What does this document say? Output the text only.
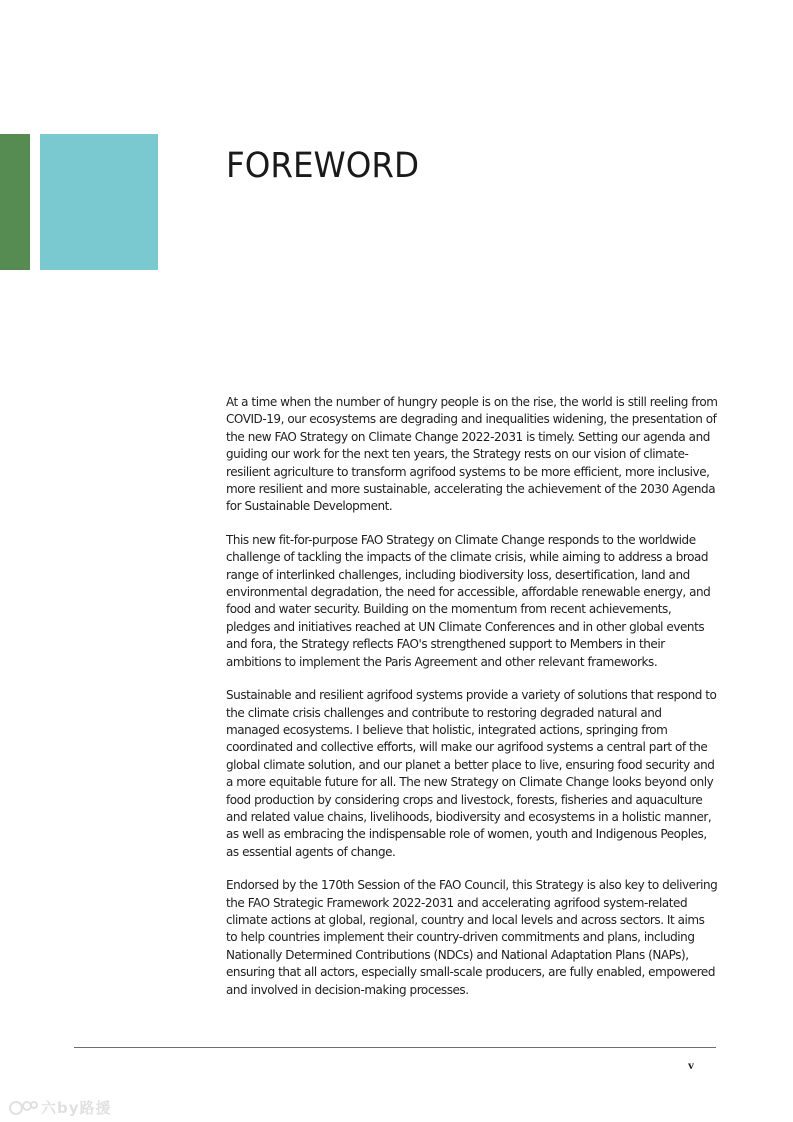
FOREWORD

At a time when the number of hungry people is on the rise, the world is still reeling from COVID-19, our ecosystems are degrading and inequalities widening, the presentation of the new FAO Strategy on Climate Change 2022-2031 is timely. Setting our agenda and guiding our work for the next ten years, the Strategy rests on our vision of climate-resilient agriculture to transform agrifood systems to be more efficient, more inclusive, more resilient and more sustainable, accelerating the achievement of the 2030 Agenda for Sustainable Development.

This new fit-for-purpose FAO Strategy on Climate Change responds to the worldwide challenge of tackling the impacts of the climate crisis, while aiming to address a broad range of interlinked challenges, including biodiversity loss, desertification, land and environmental degradation, the need for accessible, affordable renewable energy, and food and water security. Building on the momentum from recent achievements, pledges and initiatives reached at UN Climate Conferences and in other global events and fora, the Strategy reflects FAO's strengthened support to Members in their ambitions to implement the Paris Agreement and other relevant frameworks.

Sustainable and resilient agrifood systems provide a variety of solutions that respond to the climate crisis challenges and contribute to restoring degraded natural and managed ecosystems. I believe that holistic, integrated actions, springing from coordinated and collective efforts, will make our agrifood systems a central part of the global climate solution, and our planet a better place to live, ensuring food security and a more equitable future for all. The new Strategy on Climate Change looks beyond only food production by considering crops and livestock, forests, fisheries and aquaculture and related value chains, livelihoods, biodiversity and ecosystems in a holistic manner, as well as embracing the indispensable role of women, youth and Indigenous Peoples, as essential agents of change.

Endorsed by the 170th Session of the FAO Council, this Strategy is also key to delivering the FAO Strategic Framework 2022-2031 and accelerating agrifood system-related climate actions at global, regional, country and local levels and across sectors. It aims to help countries implement their country-driven commitments and plans, including Nationally Determined Contributions (NDCs) and National Adaptation Plans (NAPs), ensuring that all actors, especially small-scale producers, are fully enabled, empowered and involved in decision-making processes.

v
六by路援
